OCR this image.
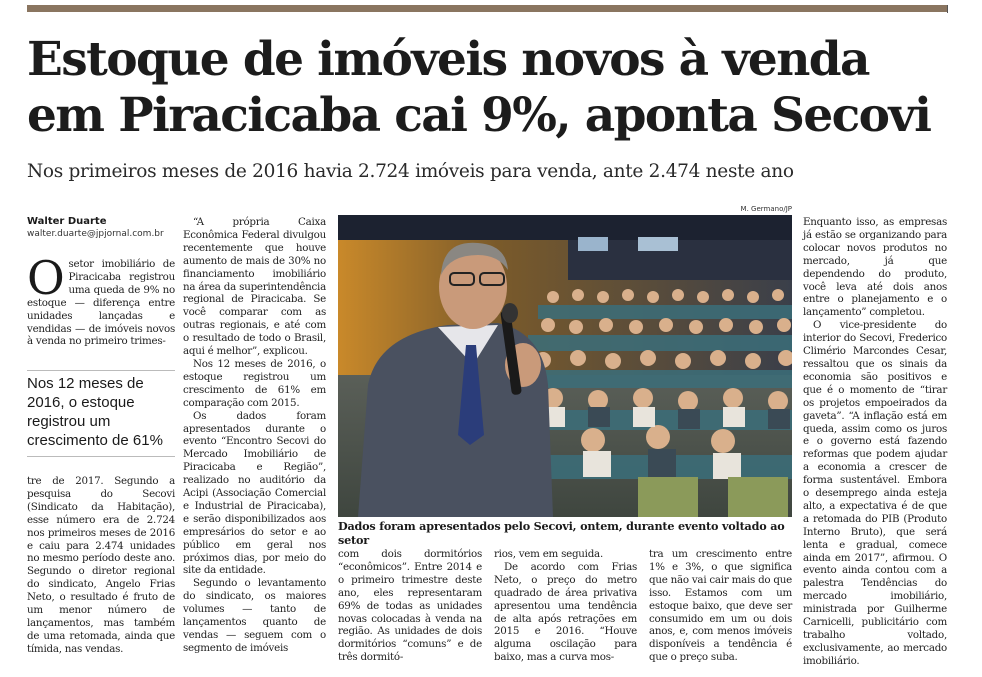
Estoque de imóveis novos à venda
em Piracicaba cai 9%, aponta Secovi
Nos primeiros meses de 2016 havia 2.724 imóveis para venda, ante 2.474 neste ano
Walter Duarte
walter.duarte@jpjornal.com.br

Osetor imobiliário de Piracicaba registrou uma queda de 9% no estoque — diferença entre unidades lançadas e vendidas — de imóveis novos à venda no primeiro trimes-

Nos 12 meses de 2016, o estoque registrou um crescimento de 61%

tre de 2017. Segundo a pesquisa do Secovi (Sindicato da Habitação), esse número era de 2.724 nos primeiros meses de 2016 e caiu para 2.474 unidades no mesmo período deste ano. Segundo o diretor regional do sindicato, Angelo Frias Neto, o resultado é fruto de um menor número de lançamentos, mas também de uma retomada, ainda que tímida, nas vendas.

“A própria Caixa Econômica Federal divulgou recentemente que houve aumento de mais de 30% no financiamento imobiliário na área da superintendência regional de Piracicaba. Se você comparar com as outras regionais, e até com o resultado de todo o Brasil, aqui é melhor”, explicou.

Nos 12 meses de 2016, o estoque registrou um crescimento de 61% em comparação com 2015.

Os dados foram apresentados durante o evento “Encontro Secovi do Mercado Imobiliário de Piracicaba e Região”, realizado no auditório da Acipi (Associação Comercial e Industrial de Piracicaba), e serão disponibilizados aos empresários do setor e ao público em geral nos próximos dias, por meio do site da entidade.

Segundo o levantamento do sindicato, os maiores volumes — tanto de lançamentos quanto de vendas — seguem com o segmento de imóveis

M. Germano/JP
Dados foram apresentados pelo Secovi, ontem, durante evento voltado ao setor

com dois dormitórios “econômicos”. Entre 2014 e o primeiro trimestre deste ano, eles representaram 69% de todas as unidades novas colocadas à venda na região. As unidades de dois dormitórios “comuns” e de três dormitó-

rios, vem em seguida.

De acordo com Frias Neto, o preço do metro quadrado de área privativa apresentou uma tendência de alta após retrações em 2015 e 2016. “Houve alguma oscilação para baixo, mas a curva mos-

tra um crescimento entre 1% e 3%, o que significa que não vai cair mais do que isso. Estamos com um estoque baixo, que deve ser consumido em um ou dois anos, e, com menos imóveis disponíveis a tendência é que o preço suba.

Enquanto isso, as empresas já estão se organizando para colocar novos produtos no mercado, já que dependendo do produto, você leva até dois anos entre o planejamento e o lançamento” completou.

O vice-presidente do interior do Secovi, Frederico Climério Marcondes Cesar, ressaltou que os sinais da economia são positivos e que é o momento de “tirar os projetos empoeirados da gaveta”. “A inflação está em queda, assim como os juros e o governo está fazendo reformas que podem ajudar a economia a crescer de forma sustentável. Embora o desemprego ainda esteja alto, a expectativa é de que a retomada do PIB (Produto Interno Bruto), que será lenta e gradual, comece ainda em 2017”, afirmou. O evento ainda contou com a palestra Tendências do mercado imobiliário, ministrada por Guilherme Carnicelli, publicitário com trabalho voltado, exclusivamente, ao mercado imobiliário.
